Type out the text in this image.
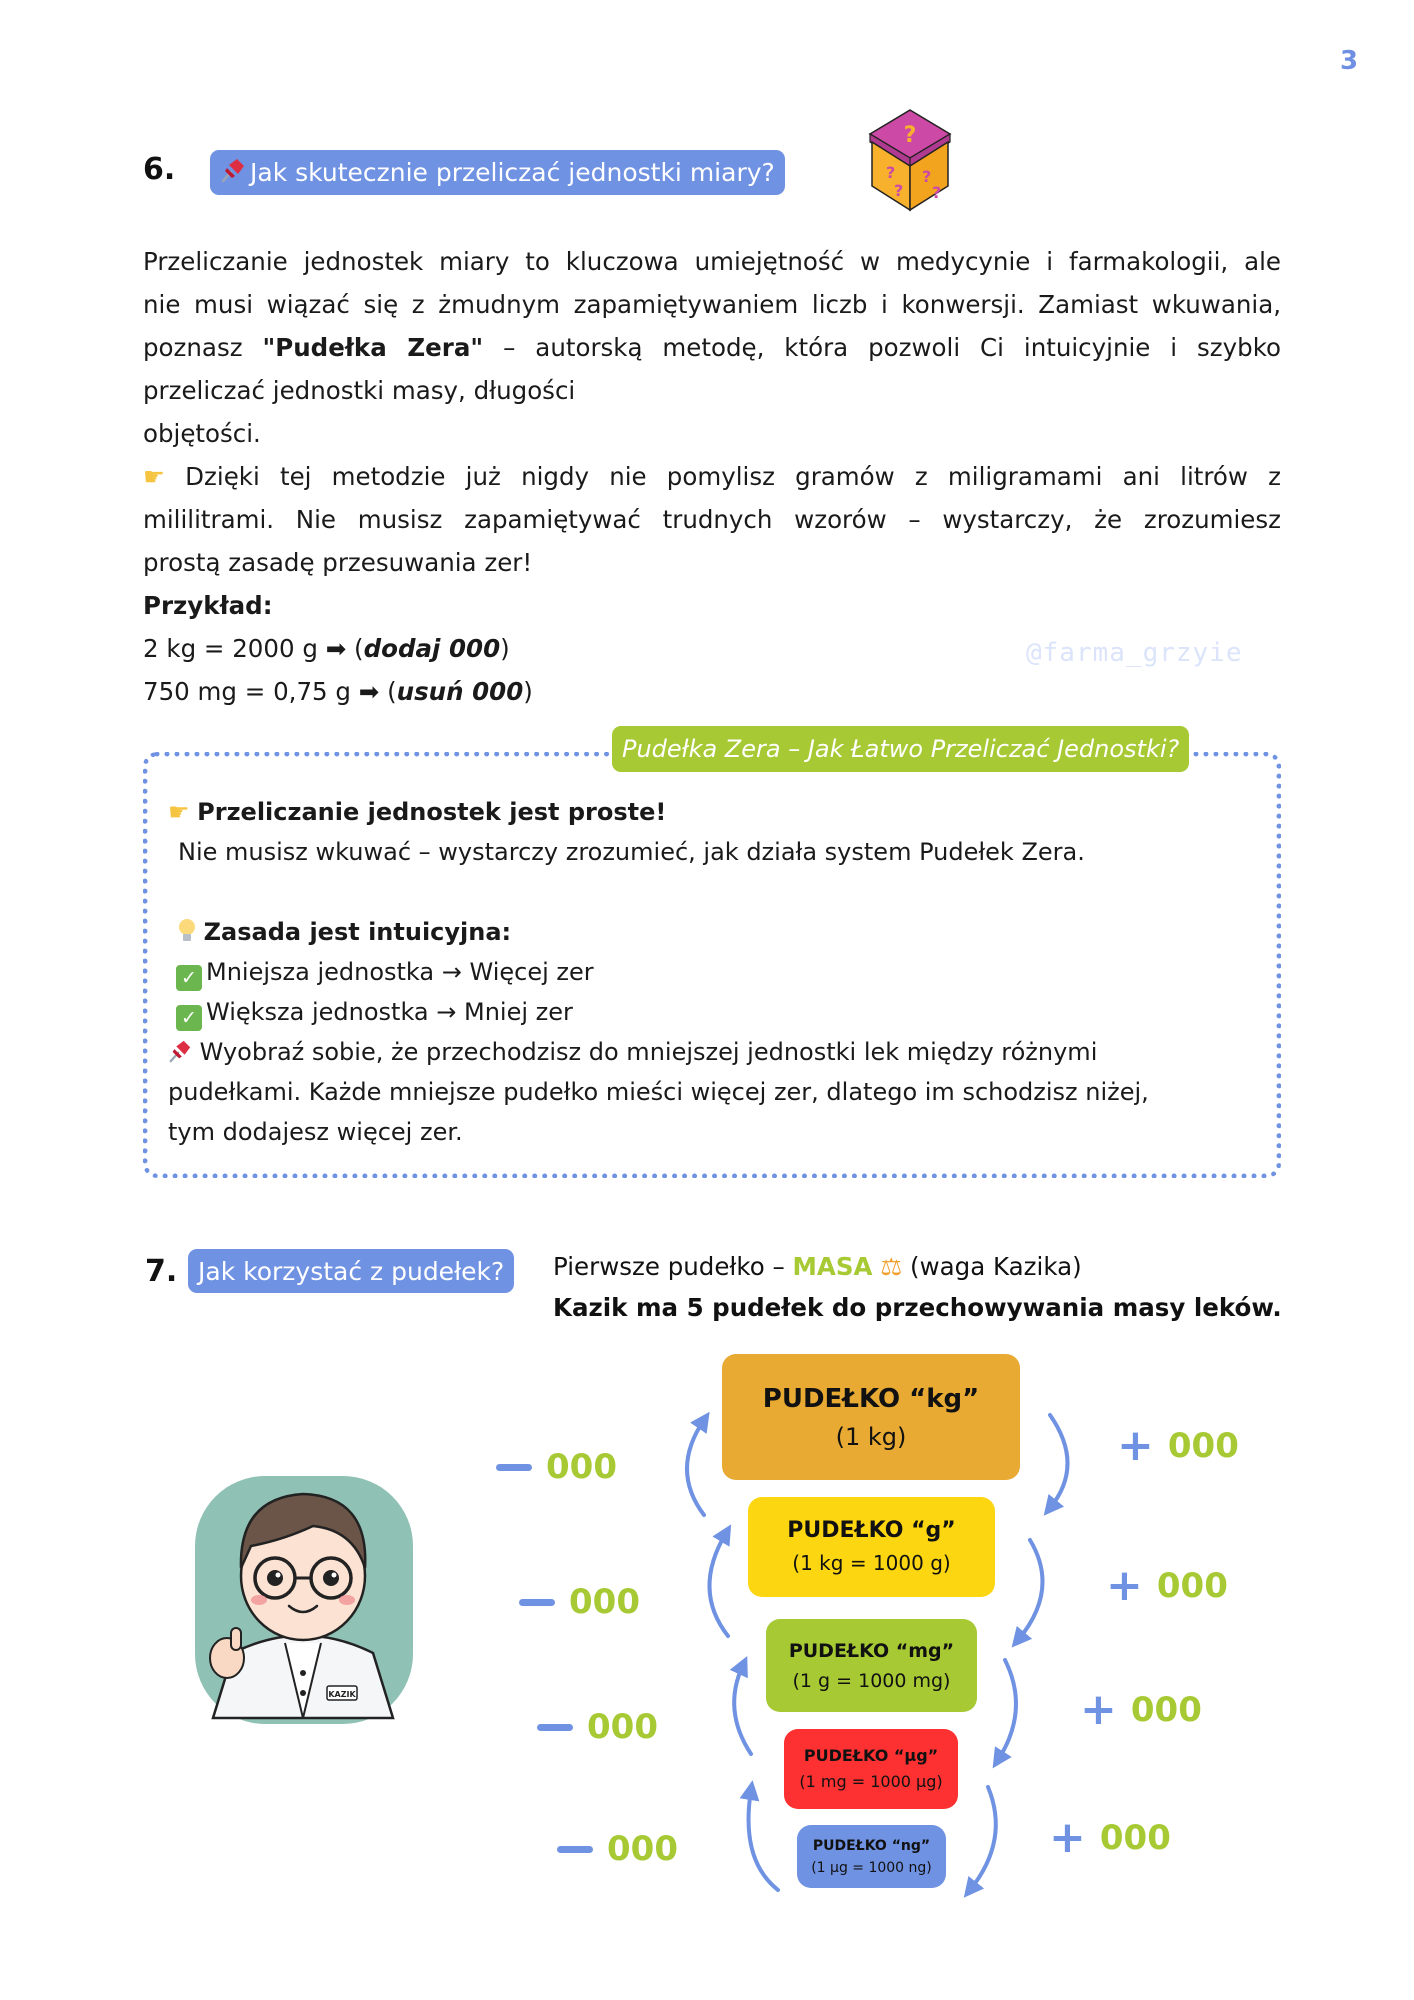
3
6.	Jak skutecznie przeliczać jednostki miary?
?
?
?
?
?
Przeliczanie jednostek miary to kluczowa umiejętność w medycynie i farmakologii, ale
nie musi wiązać się z żmudnym zapamiętywaniem liczb i konwersji. Zamiast wkuwania,
poznasz "Pudełka Zera" – autorską metodę, która pozwoli Ci intuicyjnie i szybko
przeliczać jednostki masy, długości
objętości.
☛ Dzięki tej metodzie już nigdy nie pomylisz gramów z miligramami ani litrów z
mililitrami. Nie musisz zapamiętywać trudnych wzorów – wystarczy, że zrozumiesz
prostą zasadę przesuwania zer!
Przykład:
2 kg = 2000 g ➡ (dodaj 000)
750 mg = 0,75 g ➡ (usuń 000)
@farma_grzyie
Pudełka Zera – Jak Łatwo Przeliczać Jednostki?
☛ Przeliczanie jednostek jest proste!
Nie musisz wkuwać – wystarczy zrozumieć, jak działa system Pudełek Zera.
Zasada jest intuicyjna:
✓ Mniejsza jednostka → Więcej zer
✓ Większa jednostka → Mniej zer
Wyobraź sobie, że przechodzisz do mniejszej jednostki lek między różnymi
pudełkami. Każde mniejsze pudełko mieści więcej zer, dlatego im schodzisz niżej,
tym dodajesz więcej zer.
7. Jak korzystać z pudełek? Pierwsze pudełko – MASA ⚖ (waga Kazika)
Kazik ma 5 pudełek do przechowywania masy leków.
KAZIK
PUDEŁKO “kg”
(1 kg)
PUDEŁKO “g”
(1 kg = 1000 g)
PUDEŁKO “mg”
(1 g = 1000 mg)
PUDEŁKO “µg”
(1 mg = 1000 µg)
PUDEŁKO “ng”
(1 µg = 1000 ng)
000
000
000
000
+ 000
+ 000
+ 000
+ 000
